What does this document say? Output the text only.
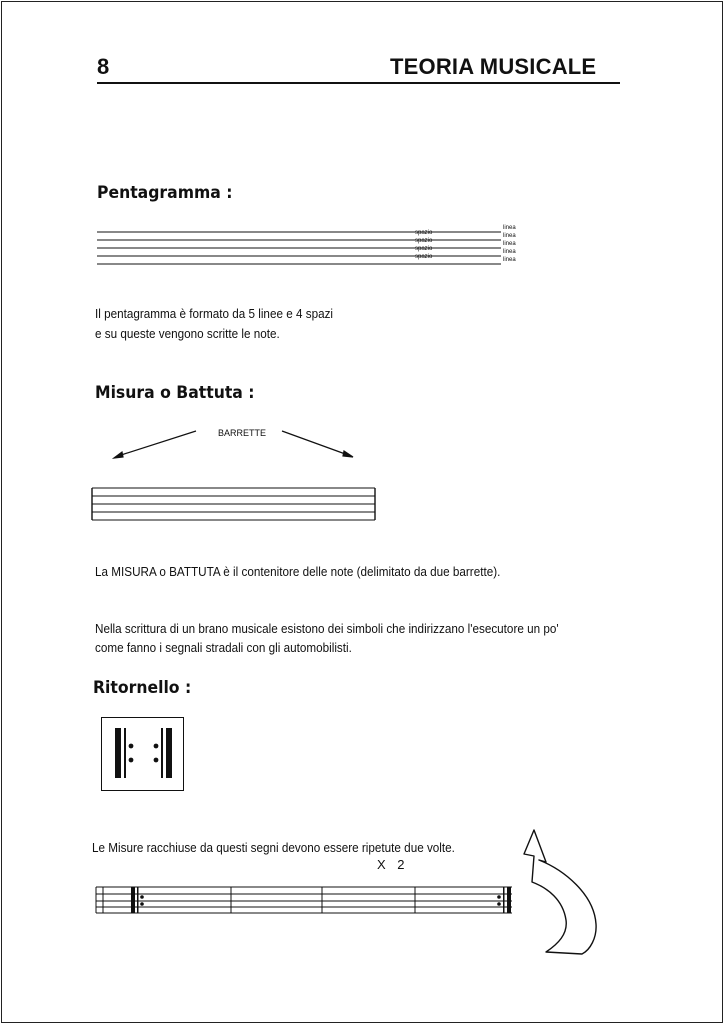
8	TEORIA MUSICALE
Pentagramma :
linea
linea
linea
linea
linea
spazio
spazio
spazio
spazio
Il pentagramma è formato da 5 linee e 4 spazi
e su queste vengono scritte le note.
Misura o Battuta :
BARRETTE
La MISURA o BATTUTA è il contenitore delle note (delimitato da due barrette).
Nella scrittura di un brano musicale esistono dei simboli che indirizzano l'esecutore un po'
come fanno i segnali stradali con gli automobilisti.
Ritornello :
Le Misure racchiuse da questi segni devono essere ripetute due volte.
X 2
